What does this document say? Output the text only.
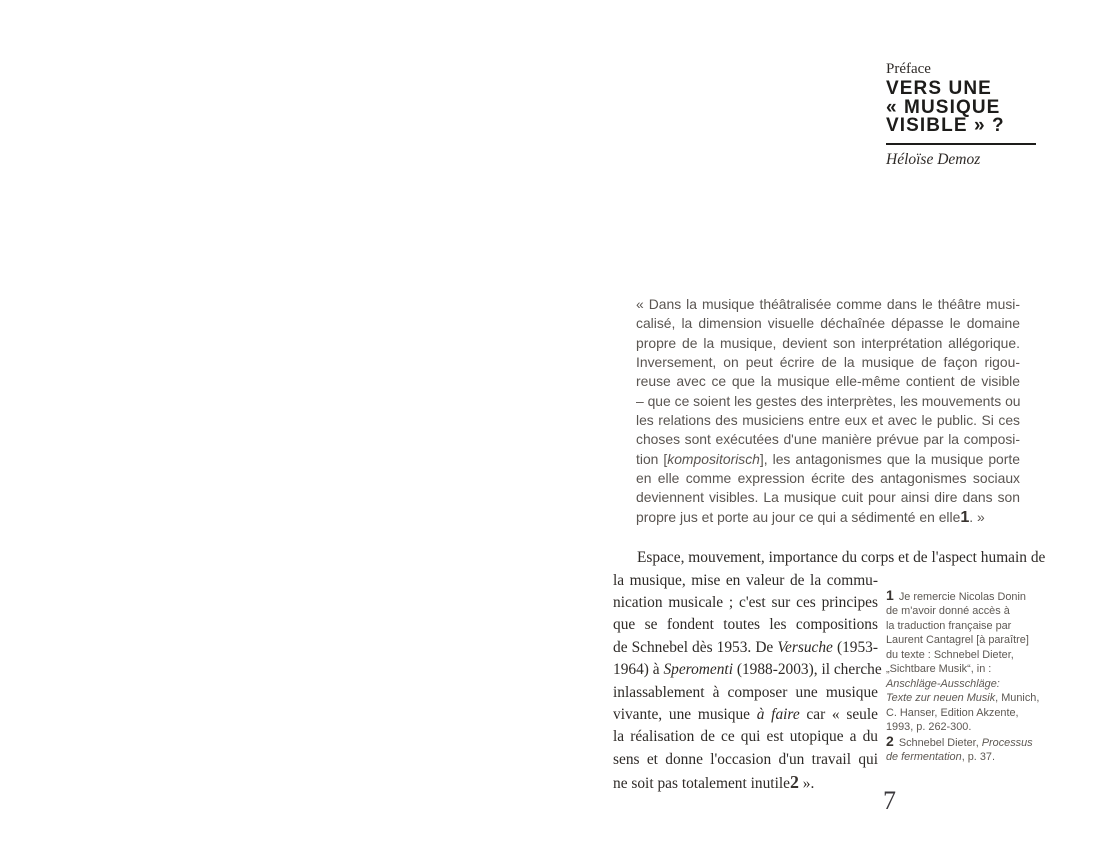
Préface
VERS UNE
« MUSIQUE
VISIBLE » ?
Héloïse Demoz
« Dans la musique théâtralisée comme dans le théâtre musi-
calisé, la dimension visuelle déchaînée dépasse le domaine
propre de la musique, devient son interprétation allégorique.
Inversement, on peut écrire de la musique de façon rigou-
reuse avec ce que la musique elle-même contient de visible
– que ce soient les gestes des interprètes, les mouvements ou
les relations des musiciens entre eux et avec le public. Si ces
choses sont exécutées d'une manière prévue par la composi-
tion [kompositorisch], les antagonismes que la musique porte
en elle comme expression écrite des antagonismes sociaux
deviennent visibles. La musique cuit pour ainsi dire dans son
propre jus et porte au jour ce qui a sédimenté en elle1. »
Espace, mouvement, importance du corps et de l'aspect humain de
la musique, mise en valeur de la commu-
nication musicale ; c'est sur ces principes
que se fondent toutes les compositions
de Schnebel dès 1953. De Versuche (1953-
1964) à Speromenti (1988-2003), il cherche
inlassablement à composer une musique
vivante, une musique à faire car « seule
la réalisation de ce qui est utopique a du
sens et donne l'occasion d'un travail qui
ne soit pas totalement inutile2 ».
1 Je remercie Nicolas Donin
de m'avoir donné accès à
la traduction française par
Laurent Cantagrel [à paraître]
du texte : Schnebel Dieter,
„Sichtbare Musik“, in :
Anschläge-Ausschläge:
Texte zur neuen Musik, Munich,
C. Hanser, Edition Akzente,
1993, p. 262-300.
2 Schnebel Dieter, Processus
de fermentation, p. 37.
7
